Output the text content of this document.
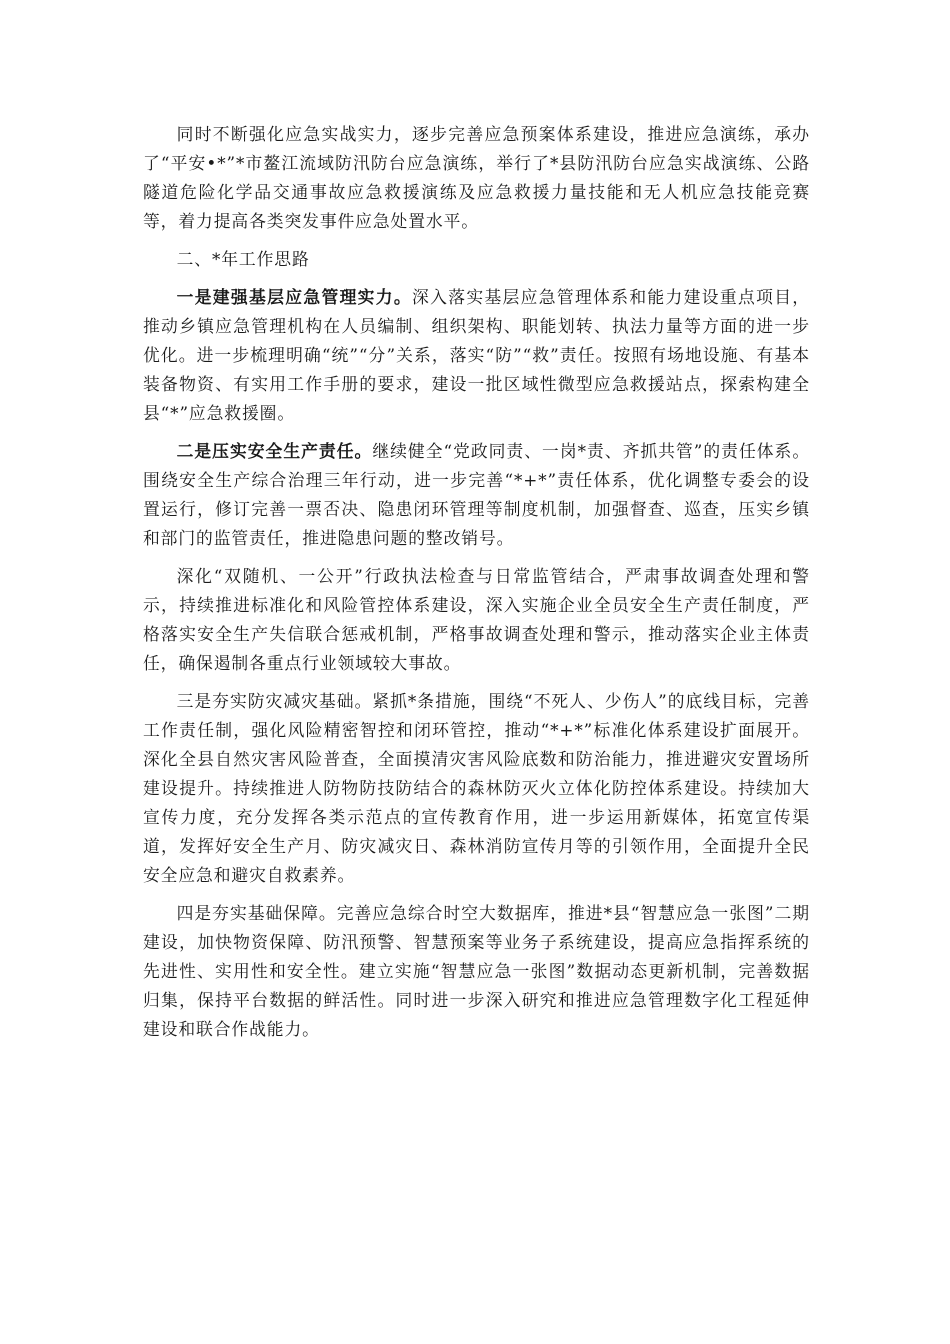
同时不断强化应急实战实力，逐步完善应急预案体系建设，推进应急演练，承办了“平安•*”*市鳌江流域防汛防台应急演练，举行了*县防汛防台应急实战演练、公路隧道危险化学品交通事故应急救援演练及应急救援力量技能和无人机应急技能竞赛等，着力提高各类突发事件应急处置水平。

二、*年工作思路

一是建强基层应急管理实力。深入落实基层应急管理体系和能力建设重点项目，推动乡镇应急管理机构在人员编制、组织架构、职能划转、执法力量等方面的进一步优化。进一步梳理明确“统”“分”关系，落实“防”“救”责任。按照有场地设施、有基本装备物资、有实用工作手册的要求，建设一批区域性微型应急救援站点，探索构建全县“*”应急救援圈。

二是压实安全生产责任。继续健全“党政同责、一岗*责、齐抓共管”的责任体系。围绕安全生产综合治理三年行动，进一步完善“*+*”责任体系，优化调整专委会的设置运行，修订完善一票否决、隐患闭环管理等制度机制，加强督查、巡查，压实乡镇和部门的监管责任，推进隐患问题的整改销号。

深化“双随机、一公开”行政执法检查与日常监管结合，严肃事故调查处理和警示，持续推进标准化和风险管控体系建设，深入实施企业全员安全生产责任制度，严格落实安全生产失信联合惩戒机制，严格事故调查处理和警示，推动落实企业主体责任，确保遏制各重点行业领域较大事故。

三是夯实防灾减灾基础。紧抓*条措施，围绕“不死人、少伤人”的底线目标，完善工作责任制，强化风险精密智控和闭环管控，推动“*+*”标准化体系建设扩面展开。深化全县自然灾害风险普查，全面摸清灾害风险底数和防治能力，推进避灾安置场所建设提升。持续推进人防物防技防结合的森林防灭火立体化防控体系建设。持续加大宣传力度，充分发挥各类示范点的宣传教育作用，进一步运用新媒体，拓宽宣传渠道，发挥好安全生产月、防灾减灾日、森林消防宣传月等的引领作用，全面提升全民安全应急和避灾自救素养。

四是夯实基础保障。完善应急综合时空大数据库，推进*县“智慧应急一张图”二期建设，加快物资保障、防汛预警、智慧预案等业务子系统建设，提高应急指挥系统的先进性、实用性和安全性。建立实施“智慧应急一张图”数据动态更新机制，完善数据归集，保持平台数据的鲜活性。同时进一步深入研究和推进应急管理数字化工程延伸建设和联合作战能力。
